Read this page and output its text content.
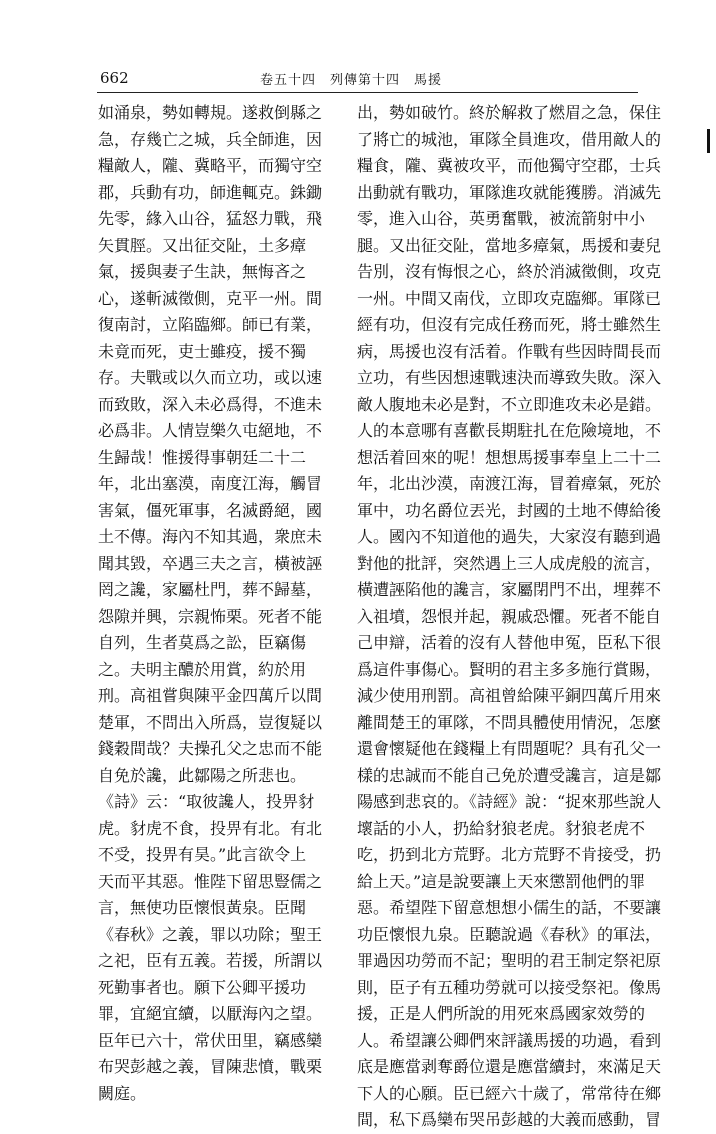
662	卷五十四　列傳第十四　馬援

如涌泉，勢如轉規。遂救倒縣之

急，存幾亡之城，兵全師進，因

糧敵人，隴、冀略平，而獨守空

郡，兵動有功，師進輒克。銖鋤

先零，緣入山谷，猛怒力戰，飛

矢貫脛。又出征交阯，土多瘴

氣，援與妻子生訣，無悔吝之

心，遂斬滅徵側，克平一州。間

復南討，立陷臨鄉。師已有業，

未竟而死，吏士雖疫，援不獨

存。夫戰或以久而立功，或以速

而致敗，深入未必爲得，不進未

必爲非。人情豈樂久屯絕地，不

生歸哉！惟援得事朝廷二十二

年，北出塞漠，南度江海，觸冒

害氣，僵死軍事，名滅爵絕，國

土不傳。海內不知其過，衆庶未

聞其毀，卒遇三夫之言，橫被誣

罔之讒，家屬杜門，葬不歸墓，

怨隙并興，宗親怖栗。死者不能

自列，生者莫爲之訟，臣竊傷

之。夫明主醲於用賞，約於用

刑。高祖嘗與陳平金四萬斤以間

楚軍，不問出入所爲，豈復疑以

錢穀間哉？夫操孔父之忠而不能

自免於讒，此鄒陽之所悲也。

《詩》云：“取彼讒人，投畀豺

虎。豺虎不食，投畀有北。有北

不受，投畀有昊。”此言欲令上

天而平其惡。惟陛下留思豎儒之

言，無使功臣懷恨黃泉。臣聞

《春秋》之義，罪以功除；聖王

之祀，臣有五義。若援，所謂以

死勤事者也。願下公卿平援功

罪，宜絕宜續，以厭海內之望。

臣年已六十，常伏田里，竊感欒

布哭彭越之義，冒陳悲憤，戰栗

闕庭。

出，勢如破竹。終於解救了燃眉之急，保住

了將亡的城池，軍隊全員進攻，借用敵人的

糧食，隴、冀被攻平，而他獨守空郡，士兵

出動就有戰功，軍隊進攻就能獲勝。消滅先

零，進入山谷，英勇奮戰，被流箭射中小

腿。又出征交阯，當地多瘴氣，馬援和妻兒

告別，沒有悔恨之心，終於消滅徵側，攻克

一州。中間又南伐，立即攻克臨鄉。軍隊已

經有功，但沒有完成任務而死，將士雖然生

病，馬援也沒有活着。作戰有些因時間長而

立功，有些因想速戰速決而導致失敗。深入

敵人腹地未必是對，不立即進攻未必是錯。

人的本意哪有喜歡長期駐扎在危險境地，不

想活着回來的呢！想想馬援事奉皇上二十二

年，北出沙漠，南渡江海，冒着瘴氣，死於

軍中，功名爵位丟光，封國的土地不傳給後

人。國內不知道他的過失，大家沒有聽到過

對他的批評，突然遇上三人成虎般的流言，

橫遭誣陷他的讒言，家屬閉門不出，埋葬不

入祖墳，怨恨并起，親戚恐懼。死者不能自

己申辯，活着的沒有人替他申冤，臣私下很

爲這件事傷心。賢明的君主多多施行賞賜，

減少使用刑罰。高祖曾給陳平銅四萬斤用來

離間楚王的軍隊，不問具體使用情況，怎麼

還會懷疑他在錢糧上有問題呢？具有孔父一

樣的忠誠而不能自己免於遭受讒言，這是鄒

陽感到悲哀的。《詩經》說：“捉來那些說人

壞話的小人，扔給豺狼老虎。豺狼老虎不

吃，扔到北方荒野。北方荒野不肯接受，扔

給上天。”這是說要讓上天來懲罰他們的罪

惡。希望陛下留意想想小儒生的話，不要讓

功臣懷恨九泉。臣聽說過《春秋》的軍法，

罪過因功勞而不記；聖明的君王制定祭祀原

則，臣子有五種功勞就可以接受祭祀。像馬

援，正是人們所說的用死來爲國家效勞的

人。希望讓公卿們來評議馬援的功過，看到

底是應當剥奪爵位還是應當續封，來滿足天

下人的心願。臣已經六十歲了，常常待在鄉

間，私下爲欒布哭吊彭越的大義而感動，冒
